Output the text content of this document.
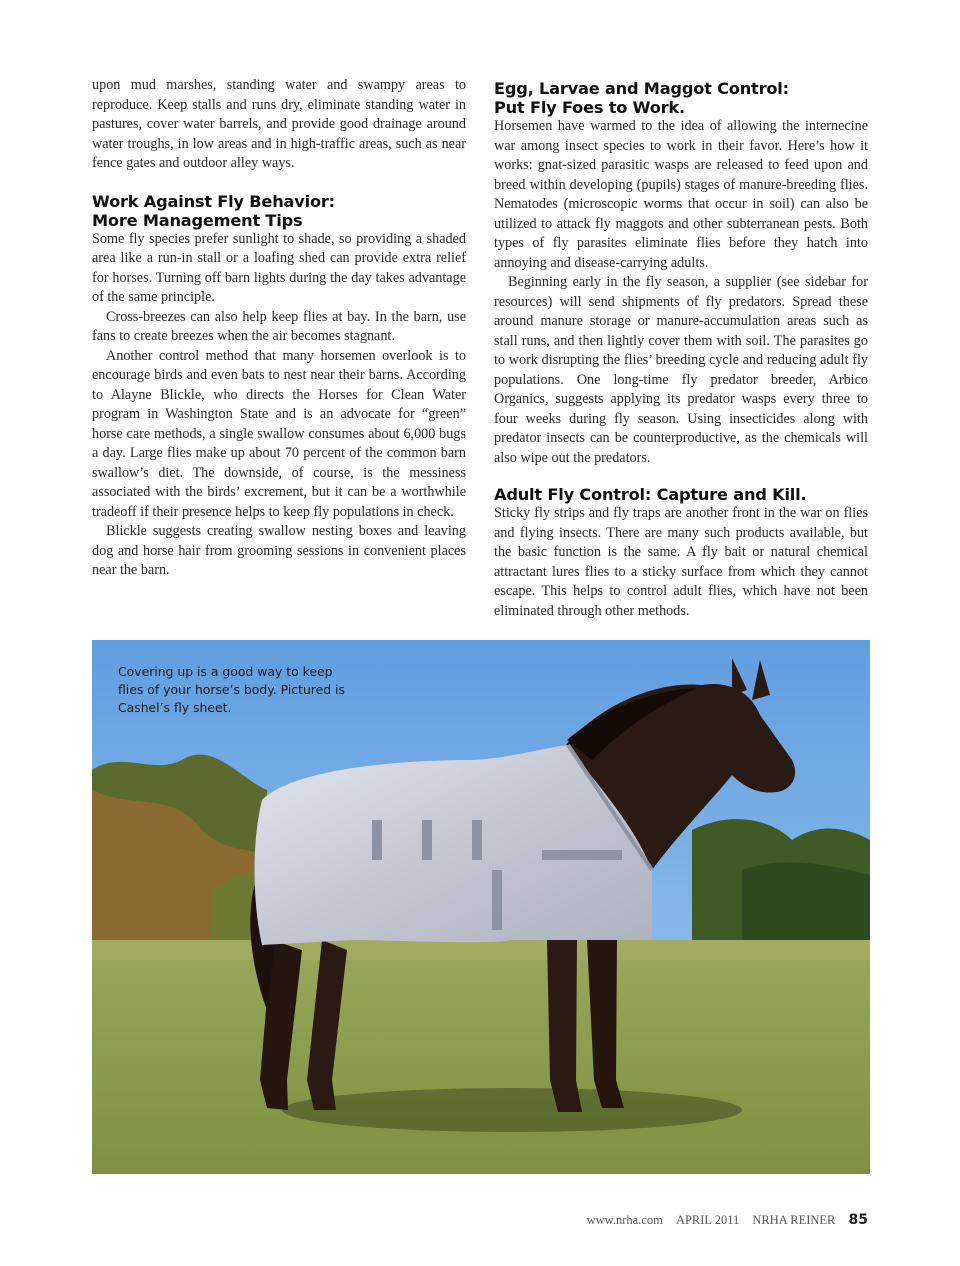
upon mud marshes, standing water and swampy areas to reproduce. Keep stalls and runs dry, eliminate standing water in pastures, cover water barrels, and provide good drainage around water troughs, in low areas and in high-traffic areas, such as near fence gates and outdoor alley ways.

Work Against Fly Behavior:
More Management Tips

Some fly species prefer sunlight to shade, so providing a shaded area like a run-in stall or a loafing shed can provide extra relief for horses. Turning off barn lights during the day takes advantage of the same principle.

Cross-breezes can also help keep flies at bay. In the barn, use fans to create breezes when the air becomes stagnant.

Another control method that many horsemen overlook is to encourage birds and even bats to nest near their barns. According to Alayne Blickle, who directs the Horses for Clean Water program in Washington State and is an advocate for “green” horse care methods, a single swallow consumes about 6,000 bugs a day. Large flies make up about 70 percent of the common barn swallow’s diet. The downside, of course, is the messiness associated with the birds’ excrement, but it can be a worthwhile tradeoff if their presence helps to keep fly populations in check.

Blickle suggests creating swallow nesting boxes and leaving dog and horse hair from grooming sessions in convenient places near the barn.

Egg, Larvae and Maggot Control:
Put Fly Foes to Work.

Horsemen have warmed to the idea of allowing the internecine war among insect species to work in their favor. Here’s how it works: gnat-sized parasitic wasps are released to feed upon and breed within developing (pupils) stages of manure-breeding flies. Nematodes (microscopic worms that occur in soil) can also be utilized to attack fly maggots and other subterranean pests. Both types of fly parasites eliminate flies before they hatch into annoying and disease-carrying adults.

Beginning early in the fly season, a supplier (see sidebar for resources) will send shipments of fly predators. Spread these around manure storage or manure-accumulation areas such as stall runs, and then lightly cover them with soil. The parasites go to work disrupting the flies’ breeding cycle and reducing adult fly populations. One long-time fly predator breeder, Arbico Organics, suggests applying its predator wasps every three to four weeks during fly season. Using insecticides along with predator insects can be counterproductive, as the chemicals will also wipe out the predators.

Adult Fly Control: Capture and Kill.

Sticky fly strips and fly traps are another front in the war on flies and flying insects. There are many such products available, but the basic function is the same. A fly bait or natural chemical attractant lures flies to a sticky surface from which they cannot escape. This helps to control adult flies, which have not been eliminated through other methods.

Covering up is a good way to keep flies of your horse’s body. Pictured is Cashel’s fly sheet.
www.nrha.com APRIL 2011 NRHA REINER 85
